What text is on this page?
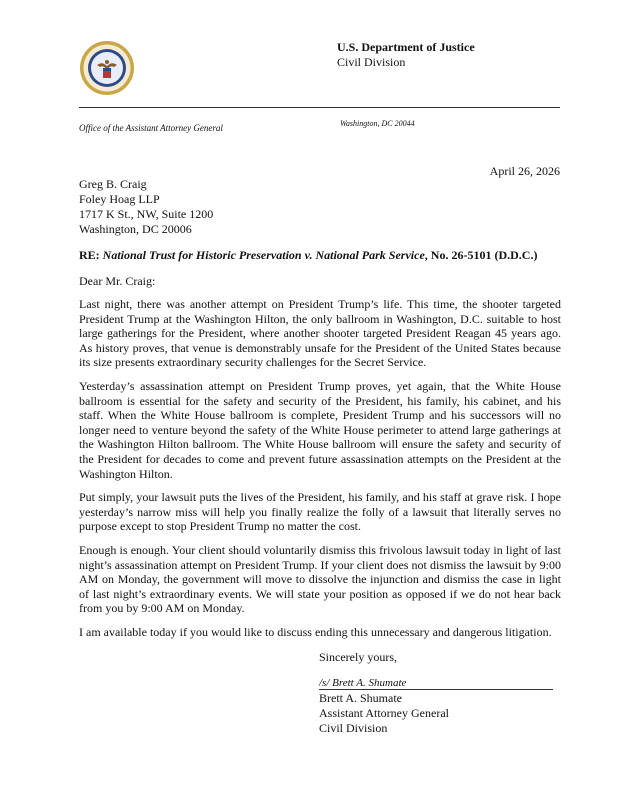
U.S. Department of Justice
Civil Division
Office of the Assistant Attorney General	Washington, DC 20044
April 26, 2026
Greg B. Craig
Foley Hoag LLP
1717 K St., NW, Suite 1200
Washington, DC 20006
RE: National Trust for Historic Preservation v. National Park Service, No. 26-5101 (D.D.C.)
Dear Mr. Craig:

Last night, there was another attempt on President Trump’s life. This time, the shooter targeted President Trump at the Washington Hilton, the only ballroom in Washington, D.C. suitable to host large gatherings for the President, where another shooter targeted President Reagan 45 years ago. As history proves, that venue is demonstrably unsafe for the President of the United States because its size presents extraordinary security challenges for the Secret Service.

Yesterday’s assassination attempt on President Trump proves, yet again, that the White House ballroom is essential for the safety and security of the President, his family, his cabinet, and his staff. When the White House ballroom is complete, President Trump and his successors will no longer need to venture beyond the safety of the White House perimeter to attend large gatherings at the Washington Hilton ballroom. The White House ballroom will ensure the safety and security of the President for decades to come and prevent future assassination attempts on the President at the Washington Hilton.

Put simply, your lawsuit puts the lives of the President, his family, and his staff at grave risk. I hope yesterday’s narrow miss will help you finally realize the folly of a lawsuit that literally serves no purpose except to stop President Trump no matter the cost.

Enough is enough. Your client should voluntarily dismiss this frivolous lawsuit today in light of last night’s assassination attempt on President Trump. If your client does not dismiss the lawsuit by 9:00 AM on Monday, the government will move to dissolve the injunction and dismiss the case in light of last night’s extraordinary events. We will state your position as opposed if we do not hear back from you by 9:00 AM on Monday.

I am available today if you would like to discuss ending this unnecessary and dangerous litigation.

Sincerely yours,
/s/ Brett A. Shumate
Brett A. Shumate
Assistant Attorney General
Civil Division
